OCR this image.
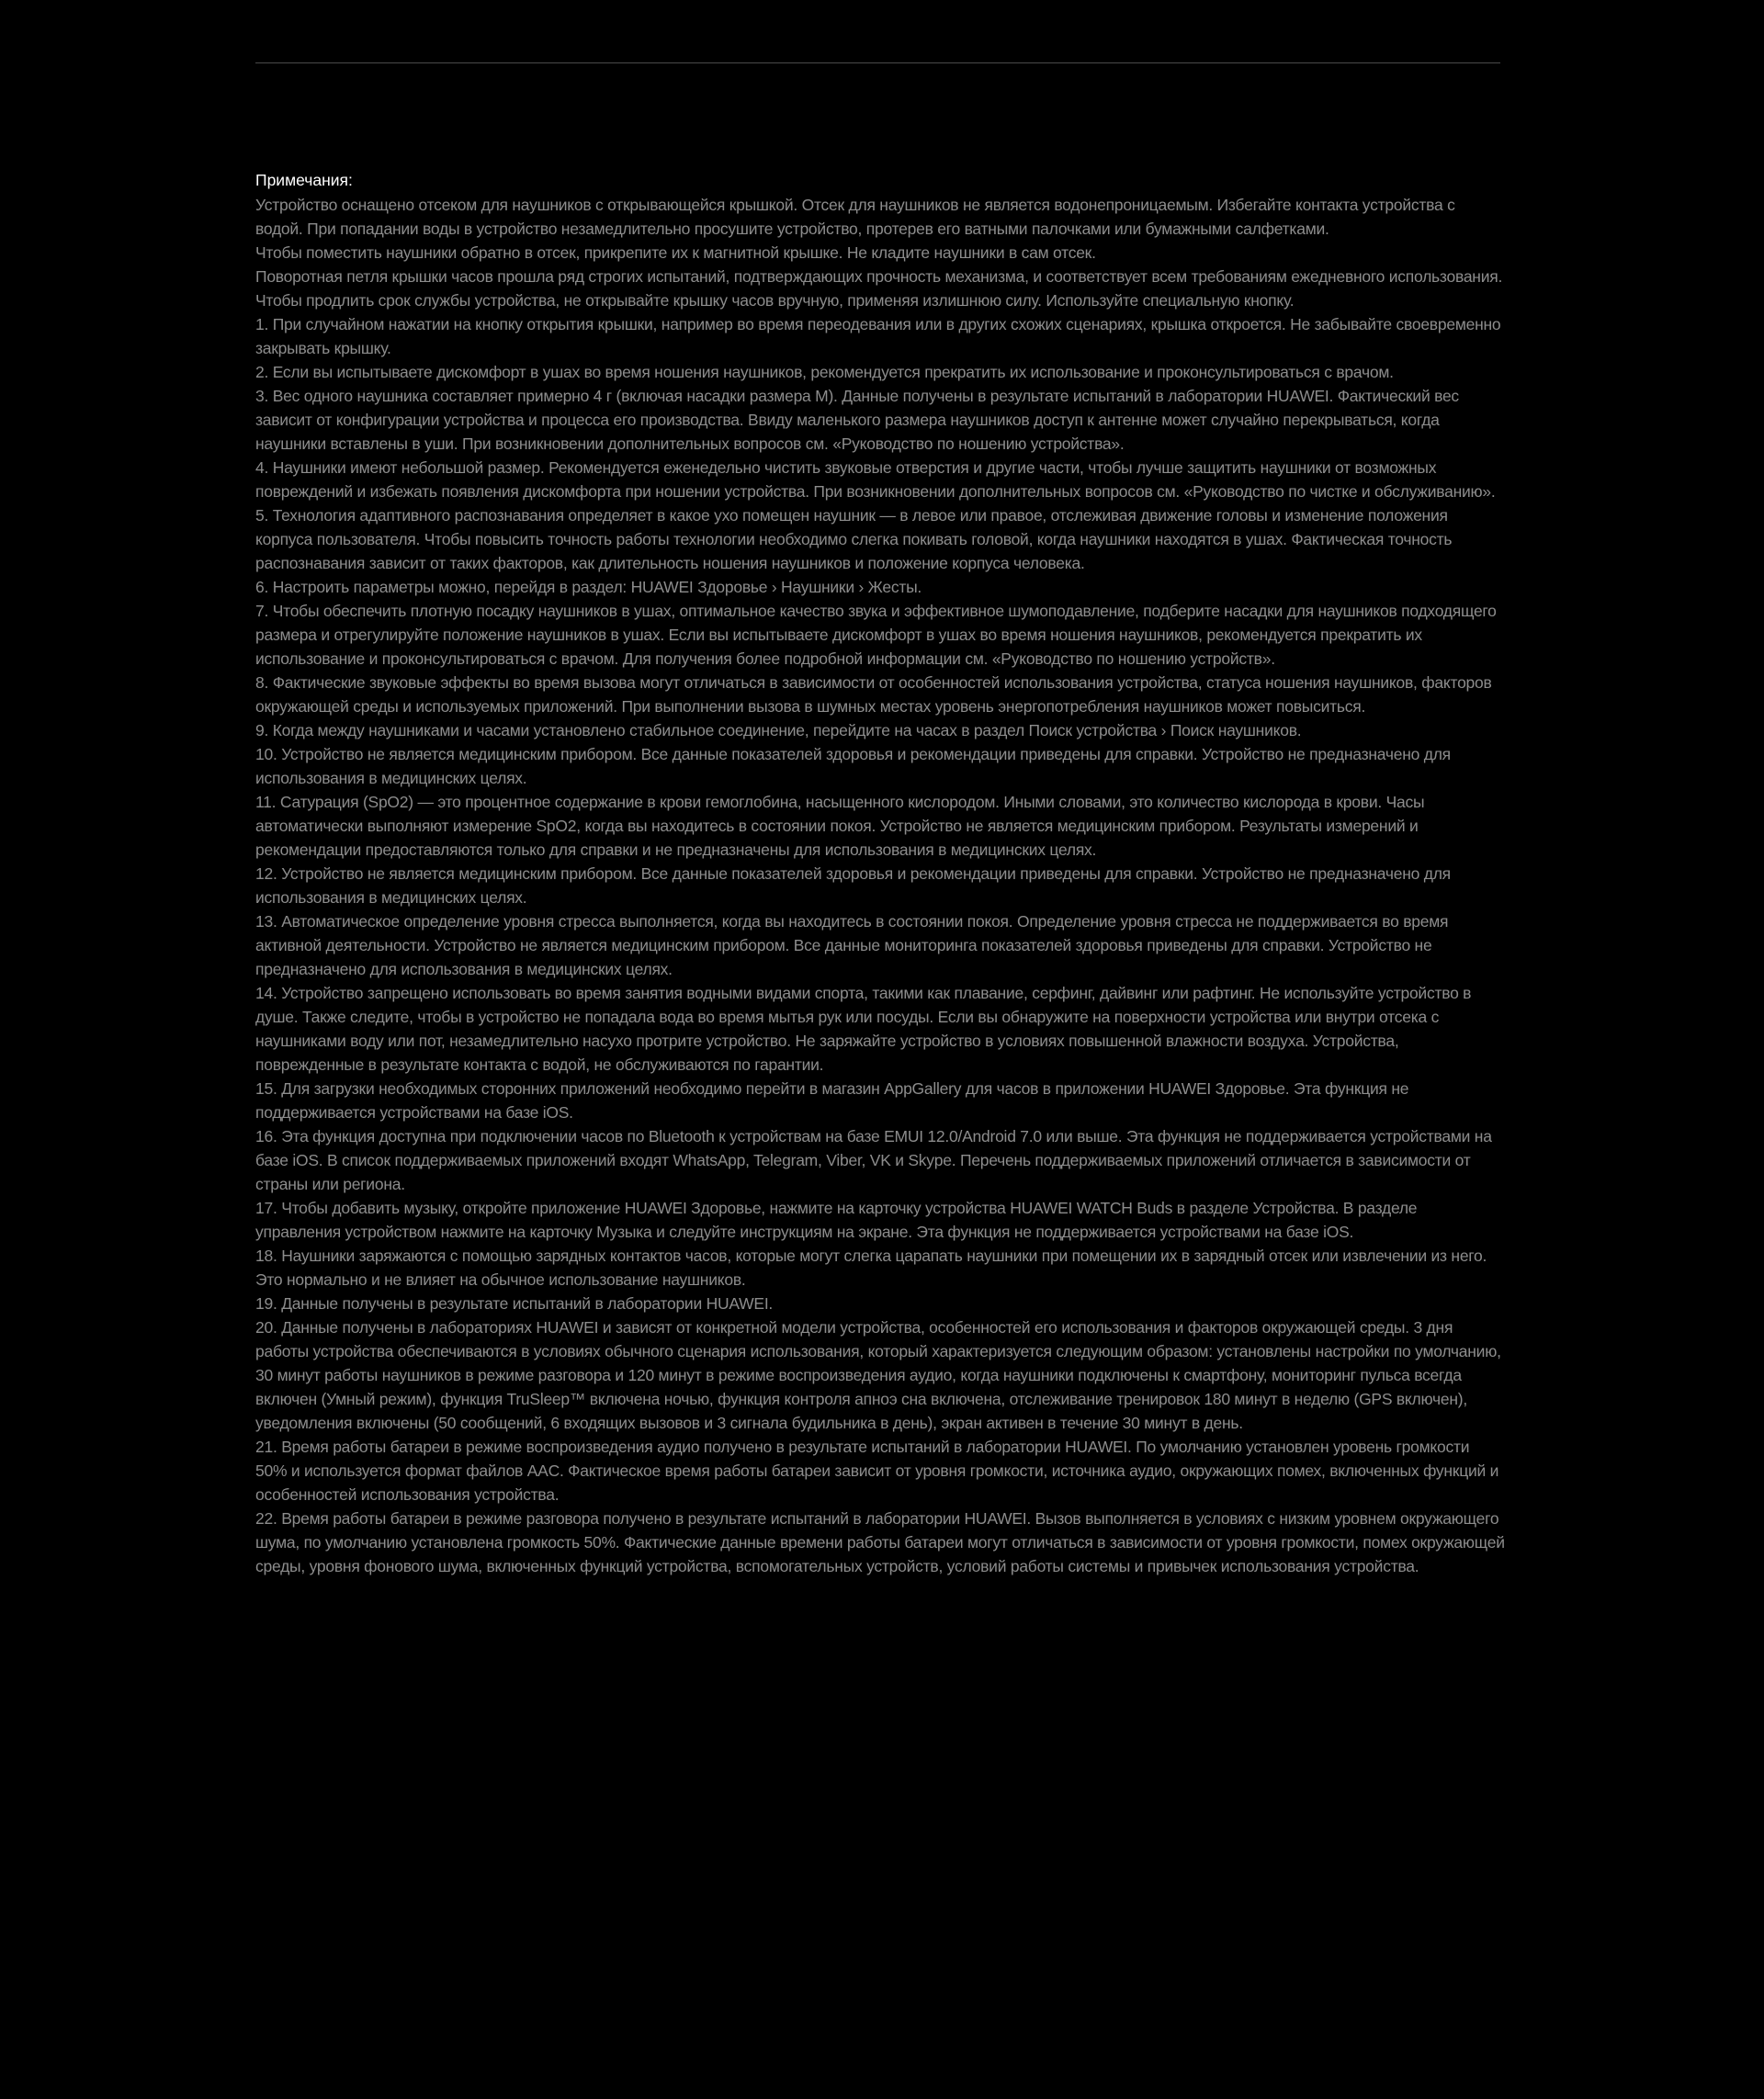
Примечания:

Устройство оснащено отсеком для наушников с открывающейся крышкой. Отсек для наушников не является водонепроницаемым. Избегайте контакта устройства с водой. При попадании воды в устройство незамедлительно просушите устройство, протерев его ватными палочками или бумажными салфетками.

Чтобы поместить наушники обратно в отсек, прикрепите их к магнитной крышке. Не кладите наушники в сам отсек.

Поворотная петля крышки часов прошла ряд строгих испытаний, подтверждающих прочность механизма, и соответствует всем требованиям ежедневного использования. Чтобы продлить срок службы устройства, не открывайте крышку часов вручную, применяя излишнюю силу. Используйте специальную кнопку.

1. При случайном нажатии на кнопку открытия крышки, например во время переодевания или в других схожих сценариях, крышка откроется. Не забывайте своевременно закрывать крышку.

2. Если вы испытываете дискомфорт в ушах во время ношения наушников, рекомендуется прекратить их использование и проконсультироваться с врачом.

3. Вес одного наушника составляет примерно 4 г (включая насадки размера M). Данные получены в результате испытаний в лаборатории HUAWEI. Фактический вес зависит от конфигурации устройства и процесса его производства. Ввиду маленького размера наушников доступ к антенне может случайно перекрываться, когда наушники вставлены в уши. При возникновении дополнительных вопросов см. «Руководство по ношению устройства».

4. Наушники имеют небольшой размер. Рекомендуется еженедельно чистить звуковые отверстия и другие части, чтобы лучше защитить наушники от возможных повреждений и избежать появления дискомфорта при ношении устройства. При возникновении дополнительных вопросов см. «Руководство по чистке и обслуживанию».

5. Технология адаптивного распознавания определяет в какое ухо помещен наушник — в левое или правое, отслеживая движение головы и изменение положения корпуса пользователя. Чтобы повысить точность работы технологии необходимо слегка покивать головой, когда наушники находятся в ушах. Фактическая точность распознавания зависит от таких факторов, как длительность ношения наушников и положение корпуса человека.

6. Настроить параметры можно, перейдя в раздел: HUAWEI Здоровье › Наушники › Жесты.

7. Чтобы обеспечить плотную посадку наушников в ушах, оптимальное качество звука и эффективное шумоподавление, подберите насадки для наушников подходящего размера и отрегулируйте положение наушников в ушах. Если вы испытываете дискомфорт в ушах во время ношения наушников, рекомендуется прекратить их использование и проконсультироваться с врачом. Для получения более подробной информации см. «Руководство по ношению устройств».

8. Фактические звуковые эффекты во время вызова могут отличаться в зависимости от особенностей использования устройства, статуса ношения наушников, факторов окружающей среды и используемых приложений. При выполнении вызова в шумных местах уровень энергопотребления наушников может повыситься.

9. Когда между наушниками и часами установлено стабильное соединение, перейдите на часах в раздел Поиск устройства › Поиск наушников.

10. Устройство не является медицинским прибором. Все данные показателей здоровья и рекомендации приведены для справки. Устройство не предназначено для использования в медицинских целях.

11. Сатурация (SpO2) — это процентное содержание в крови гемоглобина, насыщенного кислородом. Иными словами, это количество кислорода в крови. Часы автоматически выполняют измерение SpO2, когда вы находитесь в состоянии покоя. Устройство не является медицинским прибором. Результаты измерений и рекомендации предоставляются только для справки и не предназначены для использования в медицинских целях.

12. Устройство не является медицинским прибором. Все данные показателей здоровья и рекомендации приведены для справки. Устройство не предназначено для использования в медицинских целях.

13. Автоматическое определение уровня стресса выполняется, когда вы находитесь в состоянии покоя. Определение уровня стресса не поддерживается во время активной деятельности. Устройство не является медицинским прибором. Все данные мониторинга показателей здоровья приведены для справки. Устройство не предназначено для использования в медицинских целях.

14. Устройство запрещено использовать во время занятия водными видами спорта, такими как плавание, серфинг, дайвинг или рафтинг. Не используйте устройство в душе. Также следите, чтобы в устройство не попадала вода во время мытья рук или посуды. Если вы обнаружите на поверхности устройства или внутри отсека с наушниками воду или пот, незамедлительно насухо протрите устройство. Не заряжайте устройство в условиях повышенной влажности воздуха. Устройства, поврежденные в результате контакта с водой, не обслуживаются по гарантии.

15. Для загрузки необходимых сторонних приложений необходимо перейти в магазин AppGallery для часов в приложении HUAWEI Здоровье. Эта функция не поддерживается устройствами на базе iOS.

16. Эта функция доступна при подключении часов по Bluetooth к устройствам на базе EMUI 12.0/Android 7.0 или выше. Эта функция не поддерживается устройствами на базе iOS. В список поддерживаемых приложений входят WhatsApp, Telegram, Viber, VK и Skype. Перечень поддерживаемых приложений отличается в зависимости от страны или региона.

17. Чтобы добавить музыку, откройте приложение HUAWEI Здоровье, нажмите на карточку устройства HUAWEI WATCH Buds в разделе Устройства. В разделе управления устройством нажмите на карточку Музыка и следуйте инструкциям на экране. Эта функция не поддерживается устройствами на базе iOS.

18. Наушники заряжаются с помощью зарядных контактов часов, которые могут слегка царапать наушники при помещении их в зарядный отсек или извлечении из него. Это нормально и не влияет на обычное использование наушников.

19. Данные получены в результате испытаний в лаборатории HUAWEI.

20. Данные получены в лабораториях HUAWEI и зависят от конкретной модели устройства, особенностей его использования и факторов окружающей среды. 3 дня работы устройства обеспечиваются в условиях обычного сценария использования, который характеризуется следующим образом: установлены настройки по умолчанию, 30 минут работы наушников в режиме разговора и 120 минут в режиме воспроизведения аудио, когда наушники подключены к смартфону, мониторинг пульса всегда включен (Умный режим), функция TruSleep™ включена ночью, функция контроля апноэ сна включена, отслеживание тренировок 180 минут в неделю (GPS включен), уведомления включены (50 сообщений, 6 входящих вызовов и 3 сигнала будильника в день), экран активен в течение 30 минут в день.

21. Время работы батареи в режиме воспроизведения аудио получено в результате испытаний в лаборатории HUAWEI. По умолчанию установлен уровень громкости 50% и используется формат файлов AAC. Фактическое время работы батареи зависит от уровня громкости, источника аудио, окружающих помех, включенных функций и особенностей использования устройства.

22. Время работы батареи в режиме разговора получено в результате испытаний в лаборатории HUAWEI. Вызов выполняется в условиях с низким уровнем окружающего шума, по умолчанию установлена громкость 50%. Фактические данные времени работы батареи могут отличаться в зависимости от уровня громкости, помех окружающей среды, уровня фонового шума, включенных функций устройства, вспомогательных устройств, условий работы системы и привычек использования устройства.
